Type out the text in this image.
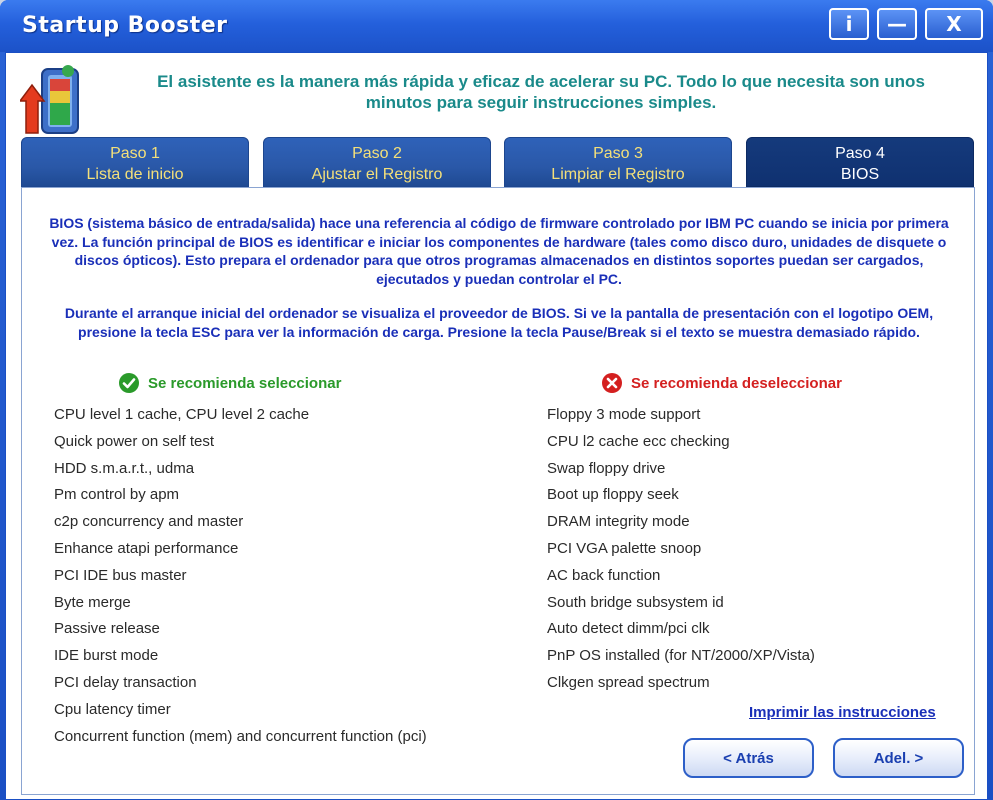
Startup Booster	i	—	X
El asistente es la manera más rápida y eficaz de acelerar su PC. Todo lo que necesita son unos
minutos para seguir instrucciones simples.
Paso 1
Lista de inicio
Paso 2
Ajustar el Registro
Paso 3
Limpiar el Registro
Paso 4
BIOS
BIOS (sistema básico de entrada/salida) hace una referencia al código de firmware controlado por IBM PC cuando se inicia por primera vez. La función principal de BIOS es identificar e iniciar los componentes de hardware (tales como disco duro, unidades de disquete o discos ópticos). Esto prepara el ordenador para que otros programas almacenados en distintos soportes puedan ser cargados, ejecutados y puedan controlar el PC.
Durante el arranque inicial del ordenador se visualiza el proveedor de BIOS. Si ve la pantalla de presentación con el logotipo OEM, presione la tecla ESC para ver la información de carga. Presione la tecla Pause/Break si el texto se muestra demasiado rápido.
Se recomienda seleccionar	Se recomienda deseleccionar
CPU level 1 cache, CPU level 2 cache
Quick power on self test
HDD s.m.a.r.t., udma
Pm control by apm
c2p concurrency and master
Enhance atapi performance
PCI IDE bus master
Byte merge
Passive release
IDE burst mode
PCI delay transaction
Cpu latency timer
Concurrent function (mem) and concurrent function (pci)
Floppy 3 mode support
CPU l2 cache ecc checking
Swap floppy drive
Boot up floppy seek
DRAM integrity mode
PCI VGA palette snoop
AC back function
South bridge subsystem id
Auto detect dimm/pci clk
PnP OS installed (for NT/2000/XP/Vista)
Clkgen spread spectrum
Imprimir las instrucciones
< Atrás	Adel. >
